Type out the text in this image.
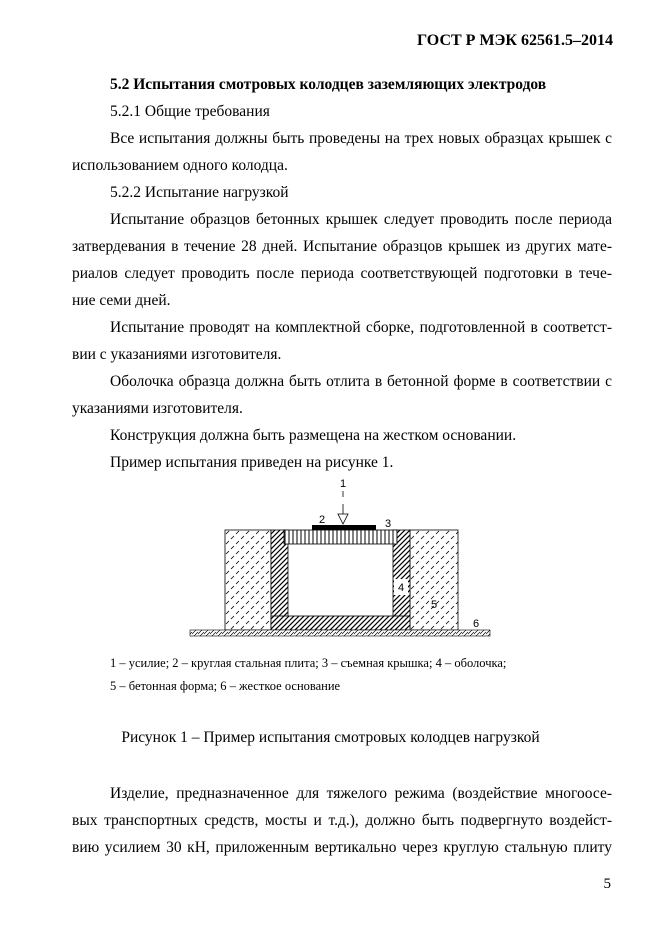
ГОСТ Р МЭК 62561.5–2014
5.2 Испытания смотровых колодцев заземляющих электродов
5.2.1 Общие требования
Все испытания должны быть проведены на трех новых образцах крышек с
использованием одного колодца.
5.2.2 Испытание нагрузкой
Испытание образцов бетонных крышек следует проводить после периода
затвердевания в течение 28 дней. Испытание образцов крышек из других мате-
риалов следует проводить после периода соответствующей подготовки в тече-
ние семи дней.
Испытание проводят на комплектной сборке, подготовленной в соответст-
вии с указаниями изготовителя.
Оболочка образца должна быть отлита в бетонной форме в соответствии с
указаниями изготовителя.
Конструкция должна быть размещена на жестком основании.
Пример испытания приведен на рисунке 1.
1
2	3
4
5
6
1 – усилие; 2 – круглая стальная плита; 3 – съемная крышка; 4 – оболочка;
5 – бетонная форма; 6 – жесткое основание
Рисунок 1 – Пример испытания смотровых колодцев нагрузкой
Изделие, предназначенное для тяжелого режима (воздействие многоосе-
вых транспортных средств, мосты и т.д.), должно быть подвергнуто воздейст-
вию усилием 30 кН, приложенным вертикально через круглую стальную плиту
5
